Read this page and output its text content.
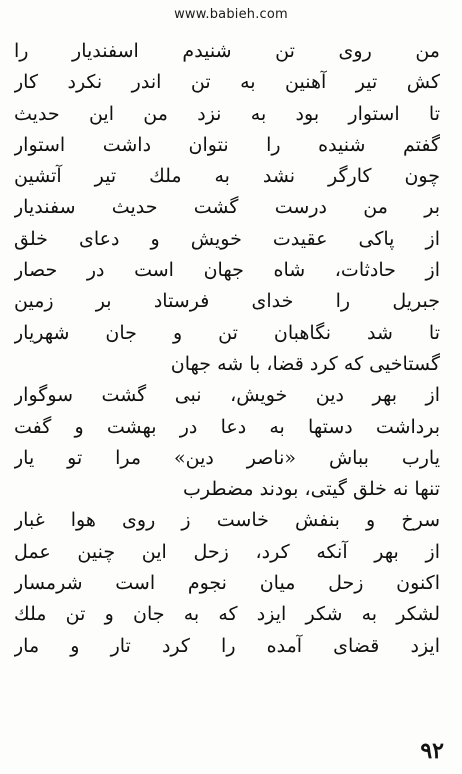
www.babieh.com
من روی تن شنیدم اسفندیار را
کش تیر آهنین به تن اندر نکرد کار
تا استوار بود به نزد من این حدیث
گفتم شنیده را نتوان داشت استوار
چون کارگر نشد به ملك تير آتشين
بر من درست گشت حدیث سفندیار
از پاکی عقیدت خویش و دعای خلق
از حادثات، شاه جهان است در حصار
جبریل را خدای فرستاد بر زمین
تا شد نگاهبان تن و جان شهریار
گستاخیی که کرد قضا، با شه جهان
از بهر دین خویش، نبی گشت سوگوار
برداشت دستها به دعا در بهشت و گفت
یارب بباش «ناصر دین» مرا تو یار
تنها نه خلق گیتی، بودند مضطرب
سرخ و بنفش خاست ز روی هوا غبار
از بهر آنکه کرد، زحل این چنین عمل
اکنون زحل میان نجوم است شرمسار
لشکر به شکر ایزد که به جان و تن ملك
ایزد قضای آمده را کرد تار و مار
۹۲
